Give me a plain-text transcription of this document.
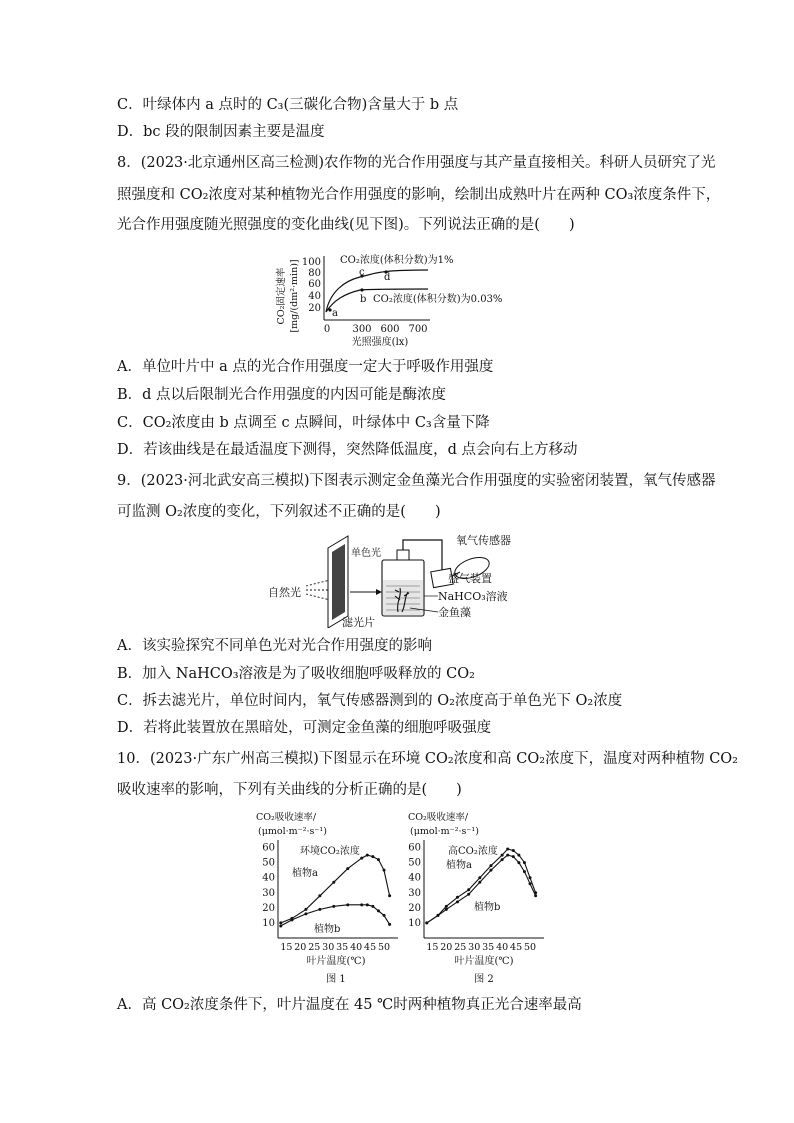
C．叶绿体内 a 点时的 C₃(三碳化合物)含量大于 b 点
D．bc 段的限制因素主要是温度
8．(2023·北京通州区高三检测)农作物的光合作用强度与其产量直接相关。科研人员研究了光
照强度和 CO₂浓度对某种植物光合作用强度的影响，绘制出成熟叶片在两种 CO₃浓度条件下，
光合作用强度随光照强度的变化曲线(见下图)。下列说法正确的是(　　)
CO₂固定速率 [mg/(dm²·min)] 20
40
60
80
100
0 300 600 700
光照强度(lx)
a
b
c d
CO₂浓度(体积分数)为1%
CO₂浓度(体积分数)为0.03%
A．单位叶片中 a 点的光合作用强度一定大于呼吸作用强度
B．d 点以后限制光合作用强度的内因可能是酶浓度
C．CO₂浓度由 b 点调至 c 点瞬间，叶绿体中 C₃含量下降
D．若该曲线是在最适温度下测得，突然降低温度，d 点会向右上方移动
9．(2023·河北武安高三模拟)下图表示测定金鱼藻光合作用强度的实验密闭装置，氧气传感器
可监测 O₂浓度的变化，下列叙述不正确的是(　　)
自然光
滤光片
单色光
氧气传感器
盛气装置
NaHCO₃溶液
金鱼藻
A．该实验探究不同单色光对光合作用强度的影响
B．加入 NaHCO₃溶液是为了吸收细胞呼吸释放的 CO₂
C．拆去滤光片，单位时间内，氧气传感器测到的 O₂浓度高于单色光下 O₂浓度
D．若将此装置放在黑暗处，可测定金鱼藻的细胞呼吸强度
10．(2023·广东广州高三模拟)下图显示在环境 CO₂浓度和高 CO₂浓度下，温度对两种植物 CO₂
吸收速率的影响，下列有关曲线的分析正确的是(　　)
CO₂吸收速率/
(μmol·m⁻²·s⁻¹)
10
20
30
40
50
60
15 20 25 30 35 40 45 50
环境CO₂浓度
植物a
植物b
叶片温度(℃)
图 1
CO₂吸收速率/
(μmol·m⁻²·s⁻¹)
10
20
30
40
50
60
15 20 25 30 35 40 45 50
高CO₂浓度
植物a
植物b
叶片温度(℃)
图 2
A．高 CO₂浓度条件下，叶片温度在 45 ℃时两种植物真正光合速率最高
